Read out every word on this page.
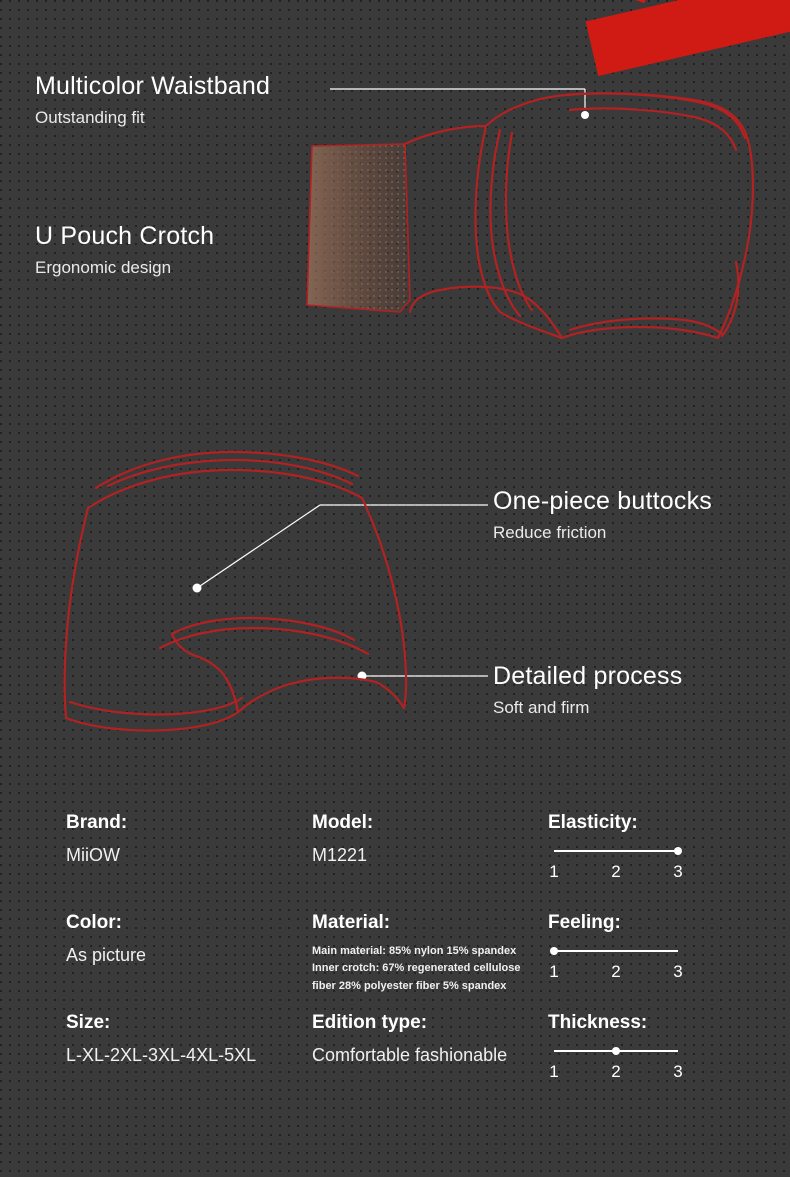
Multicolor Waistband
Outstanding fit
U Pouch Crotch
Ergonomic design
One-piece buttocks
Reduce friction
Detailed process
Soft and firm
Brand:
MiiOW
Model:
M1221
Elasticity:
1	2	3
Color:
As picture
Material:
Main material: 85% nylon 15% spandex
Inner crotch: 67% regenerated cellulose
fiber 28% polyester fiber 5% spandex
Feeling:
1	2	3
Size:
L-XL-2XL-3XL-4XL-5XL
Edition type:
Comfortable fashionable
Thickness:
1	2	3
